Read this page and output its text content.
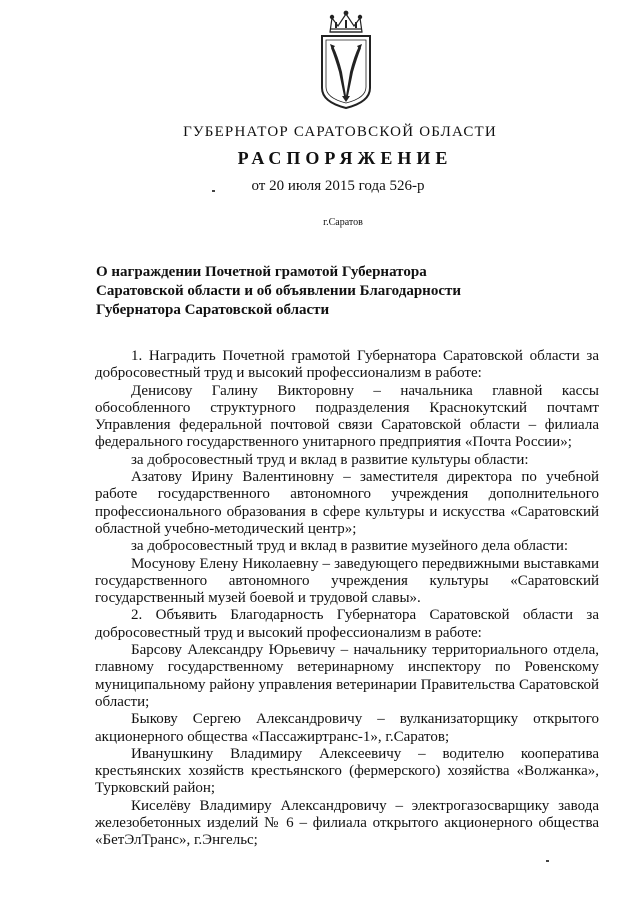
ГУБЕРНАТОР САРАТОВСКОЙ ОБЛАСТИ
РАСПОРЯЖЕНИЕ
от 20 июля 2015 года 526-р
г.Саратов
О награждении Почетной грамотой Губернатора
Саратовской области и об объявлении Благодарности
Губернатора Саратовской области

1. Наградить Почетной грамотой Губернатора Саратовской области за добросовестный труд и высокий профессионализм в работе:

Денисову Галину Викторовну – начальника главной кассы обособленного структурного подразделения Краснокутский почтамт Управления федеральной почтовой связи Саратовской области – филиала федерального государственного унитарного предприятия «Почта России»;

за добросовестный труд и вклад в развитие культуры области:

Азатову Ирину Валентиновну – заместителя директора по учебной работе государственного автономного учреждения дополнительного профессионального образования в сфере культуры и искусства «Саратовский областной учебно-методический центр»;

за добросовестный труд и вклад в развитие музейного дела области:

Мосунову Елену Николаевну – заведующего передвижными выставками государственного автономного учреждения культуры «Саратовский государственный музей боевой и трудовой славы».

2. Объявить Благодарность Губернатора Саратовской области за добросовестный труд и высокий профессионализм в работе:

Барсову Александру Юрьевичу – начальнику территориального отдела, главному государственному ветеринарному инспектору по Ровенскому муниципальному району управления ветеринарии Правительства Саратовской области;

Быкову Сергею Александровичу – вулканизаторщику открытого акционерного общества «Пассажиртранс-1», г.Саратов;

Иванушкину Владимиру Алексеевичу – водителю кооператива крестьянских хозяйств крестьянского (фермерского) хозяйства «Волжанка», Турковский район;

Киселёву Владимиру Александровичу – электрогазосварщику завода железобетонных изделий № 6 – филиала открытого акционерного общества «БетЭлТранс», г.Энгельс;
